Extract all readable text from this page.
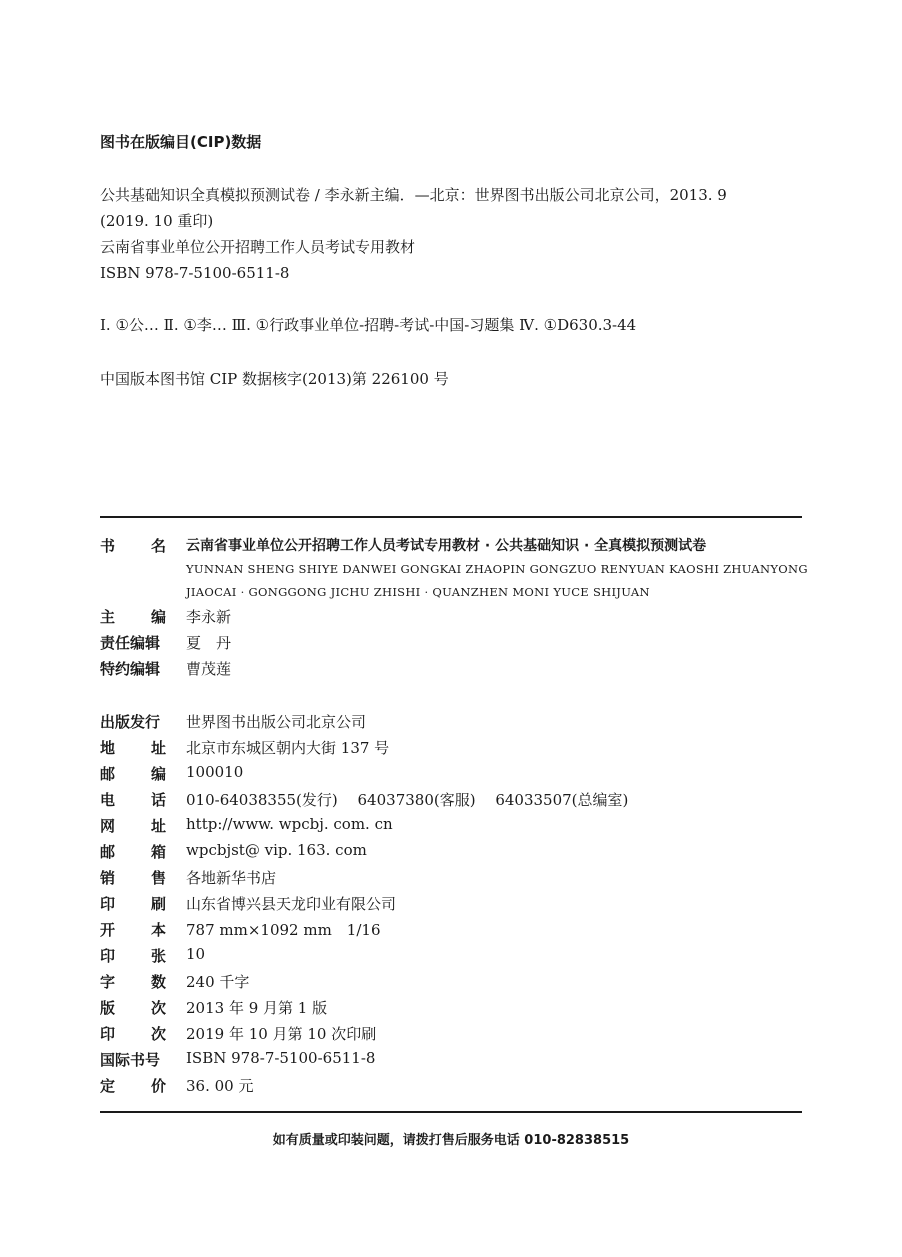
图书在版编目(CIP)数据
公共基础知识全真模拟预测试卷 / 李永新主编．—北京：世界图书出版公司北京公司，2013. 9
(2019. 10 重印)
云南省事业单位公开招聘工作人员考试专用教材
ISBN 978-7-5100-6511-8
Ⅰ. ①公… Ⅱ. ①李… Ⅲ. ①行政事业单位-招聘-考试-中国-习题集 Ⅳ. ①D630.3-44
中国版本图书馆 CIP 数据核字(2013)第 226100 号
书 名 云南省事业单位公开招聘工作人员考试专用教材 · 公共基础知识 · 全真模拟预测试卷
YUNNAN SHENG SHIYE DANWEI GONGKAI ZHAOPIN GONGZUO RENYUAN KAOSHI ZHUANYONG
JIAOCAI · GONGGONG JICHU ZHISHI · QUANZHEN MONI YUCE SHIJUAN
主 编 李永新
责任编辑	夏　丹
特约编辑	曹茂莲
出版发行	世界图书出版公司北京公司
地 址 北京市东城区朝内大街 137 号
邮 编 100010
电 话 010-64038355(发行)　 64037380(客服)　 64033507(总编室)
网 址 http://www. wpcbj. com. cn
邮 箱 wpcbjst@ vip. 163. com
销 售 各地新华书店
印 刷 山东省博兴县天龙印业有限公司
开 本 787 mm×1092 mm　1/16
印 张 10
字 数 240 千字
版 次 2013 年 9 月第 1 版
印 次 2019 年 10 月第 10 次印刷
国际书号	ISBN 978-7-5100-6511-8
定 价 36. 00 元
如有质量或印装问题，请拨打售后服务电话 010-82838515
